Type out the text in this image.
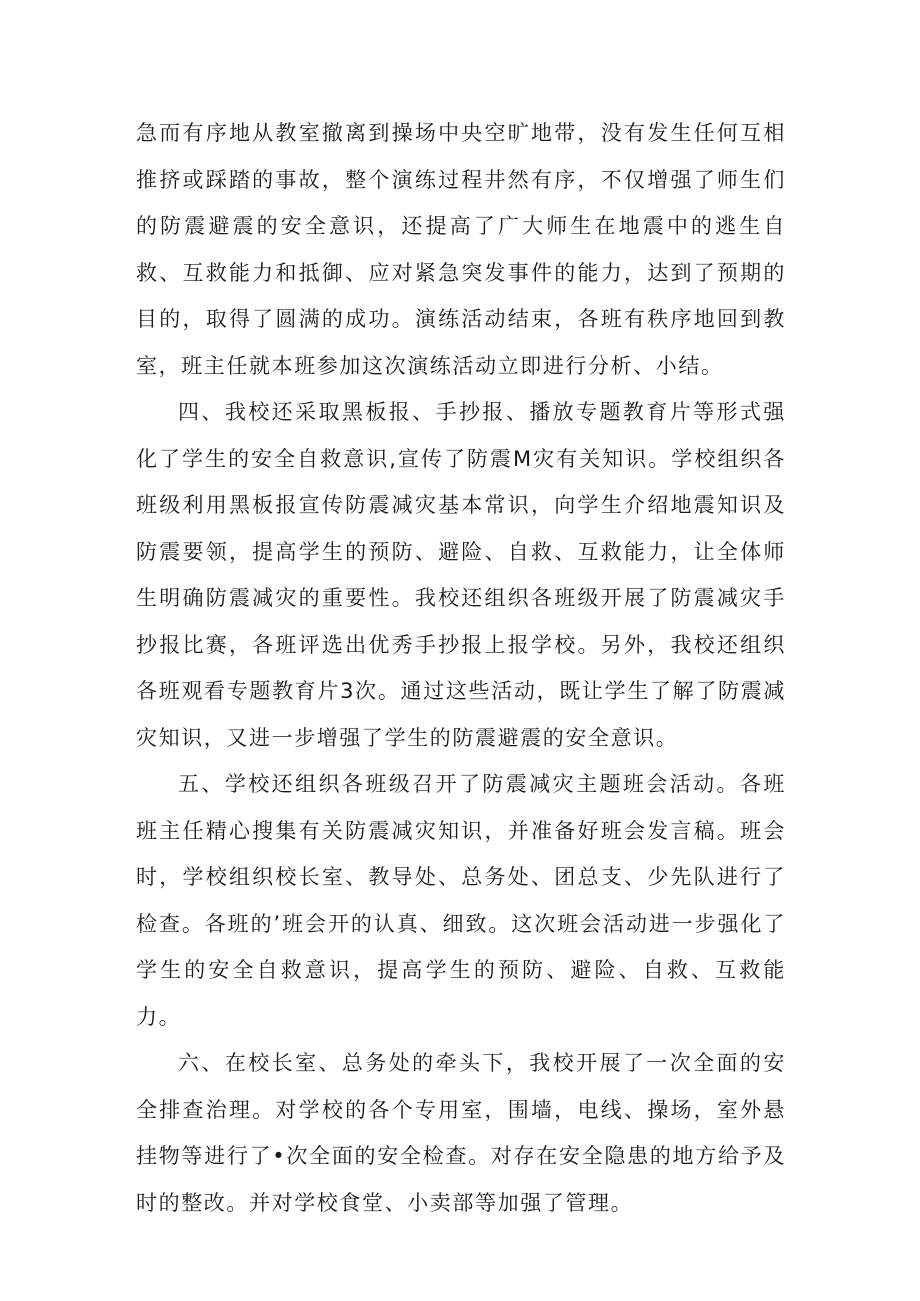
急而有序地从教室撤离到操场中央空旷地带，没有发生任何互相推挤或踩踏的事故，整个演练过程井然有序，不仅增强了师生们的防震避震的安全意识，还提高了广大师生在地震中的逃生自救、互救能力和抵御、应对紧急突发事件的能力，达到了预期的目的，取得了圆满的成功。演练活动结束，各班有秩序地回到教室，班主任就本班参加这次演练活动立即进行分析、小结。

四、我校还采取黑板报、手抄报、播放专题教育片等形式强化了学生的安全自救意识,宣传了防震M灾有关知识。学校组织各班级利用黑板报宣传防震减灾基本常识，向学生介绍地震知识及防震要领，提高学生的预防、避险、自救、互救能力，让全体师生明确防震减灾的重要性。我校还组织各班级开展了防震减灾手抄报比赛，各班评选出优秀手抄报上报学校。另外，我校还组织各班观看专题教育片3次。通过这些活动，既让学生了解了防震减灾知识，又进一步增强了学生的防震避震的安全意识。

五、学校还组织各班级召开了防震减灾主题班会活动。各班班主任精心搜集有关防震减灾知识，并准备好班会发言稿。班会时，学校组织校长室、教导处、总务处、团总支、少先队进行了检查。各班的’班会开的认真、细致。这次班会活动进一步强化了学生的安全自救意识，提高学生的预防、避险、自救、互救能力。

六、在校长室、总务处的牵头下，我校开展了一次全面的安全排查治理。对学校的各个专用室，围墙，电线、操场，室外悬挂物等进行了•次全面的安全检查。对存在安全隐患的地方给予及时的整改。并对学校食堂、小卖部等加强了管理。
